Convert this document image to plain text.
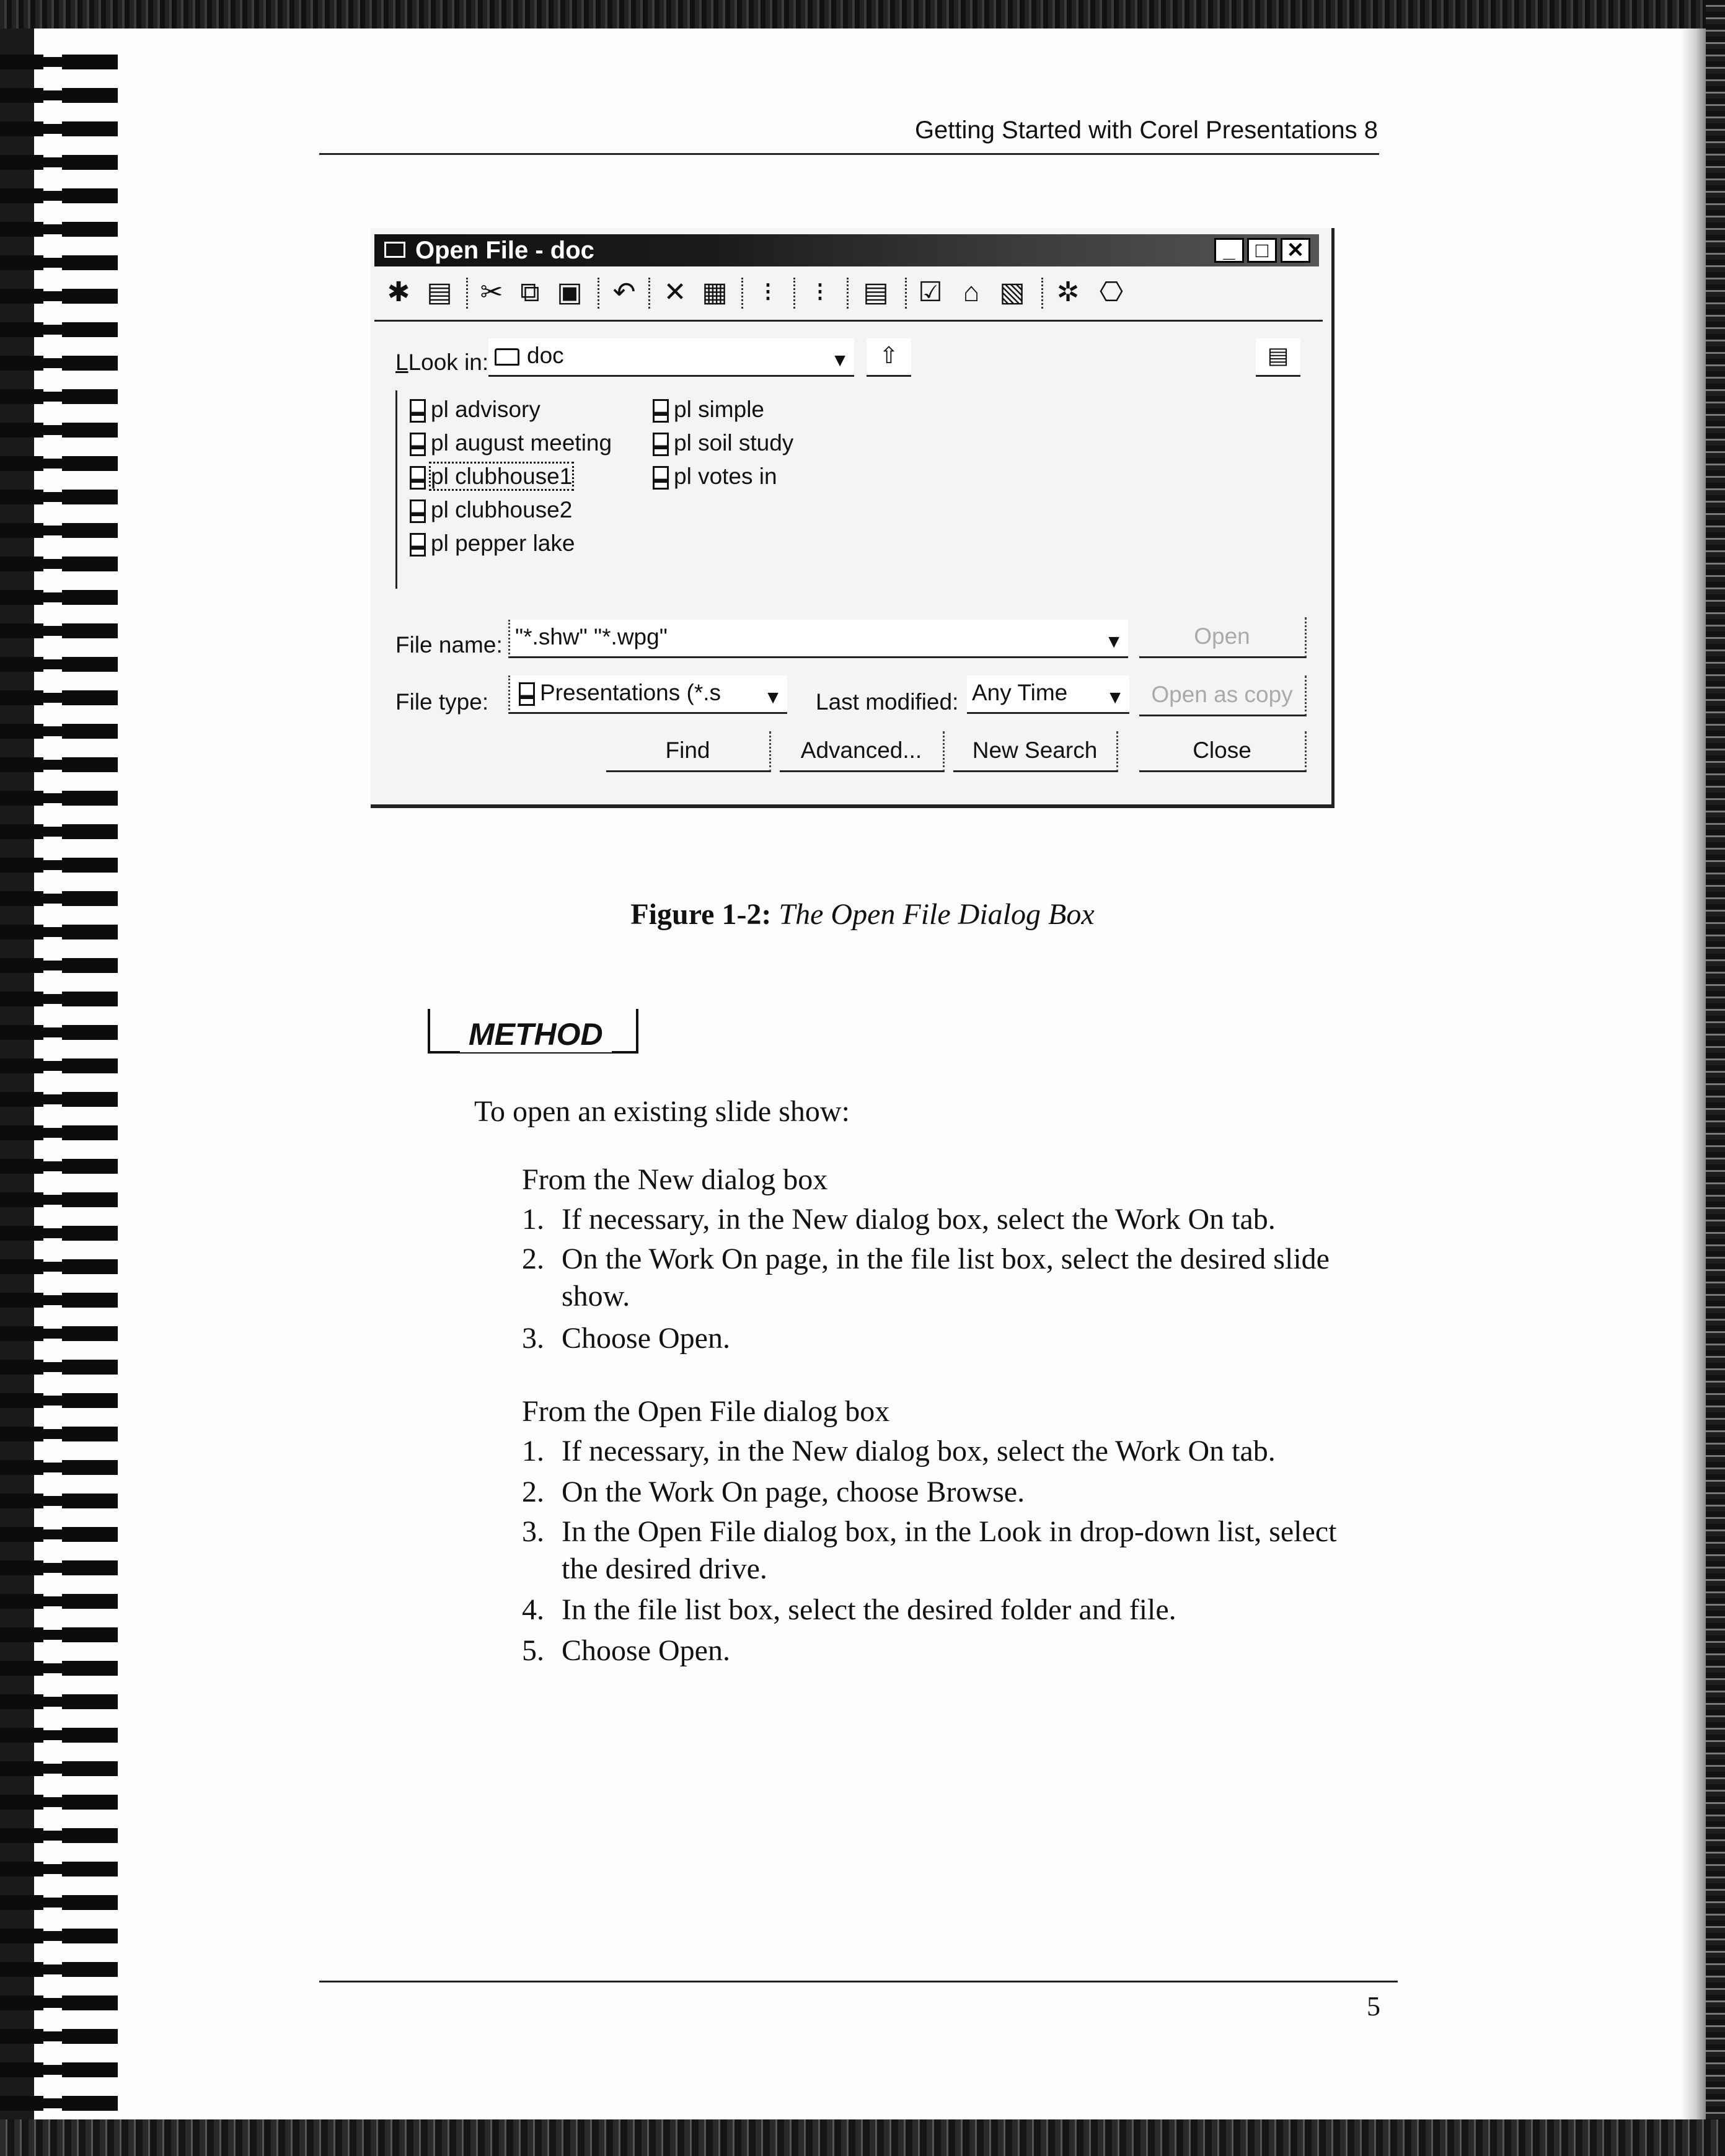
Getting Started with Corel Presentations 8
Open File - doc	_ □ ✕
✱ ▤ ✂ ⧉ ▣ ↶ ✕ ▦	⁝	⁝	▤ ☑ ⌂ ▧ ✲ ⎔
LLook in:	doc	▼	⇧	▤
pl advisory
pl august meeting
pl clubhouse1
pl clubhouse2
pl pepper lake
pl simple
pl soil study
pl votes in
File name: "*.shw" "*.wpg"	▼	Open
File type:	Presentations (*.s ▼ Last modified: Any Time ▼	Open as copy
Find	Advanced...	New Search	Close
Figure 1-2: The Open File Dialog Box
METHOD
To open an existing slide show:
From the New dialog box
1. If necessary, in the New dialog box, select the Work On tab.
2. On the Work On page, in the file list box, select the desired slide show.
3. Choose Open.
From the Open File dialog box
1. If necessary, in the New dialog box, select the Work On tab.
2. On the Work On page, choose Browse.
3. In the Open File dialog box, in the Look in drop-down list, select the desired drive.
4. In the file list box, select the desired folder and file.
5. Choose Open.
5
